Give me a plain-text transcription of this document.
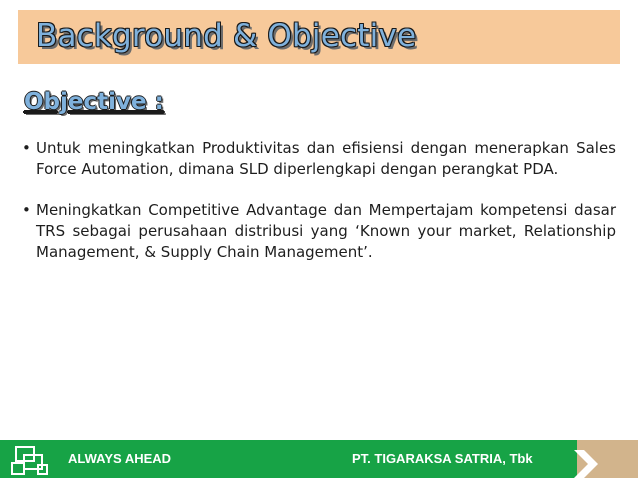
Background & Objective
Objective :
• Untuk meningkatkan Produktivitas dan efisiensi dengan menerapkan Sales Force Automation, dimana SLD diperlengkapi dengan perangkat PDA.
• Meningkatkan Competitive Advantage dan Mempertajam kompetensi dasar TRS sebagai perusahaan distribusi yang ‘Known your market, Relationship Management, & Supply Chain Management’.
ALWAYS AHEAD	PT. TIGARAKSA SATRIA, Tbk
